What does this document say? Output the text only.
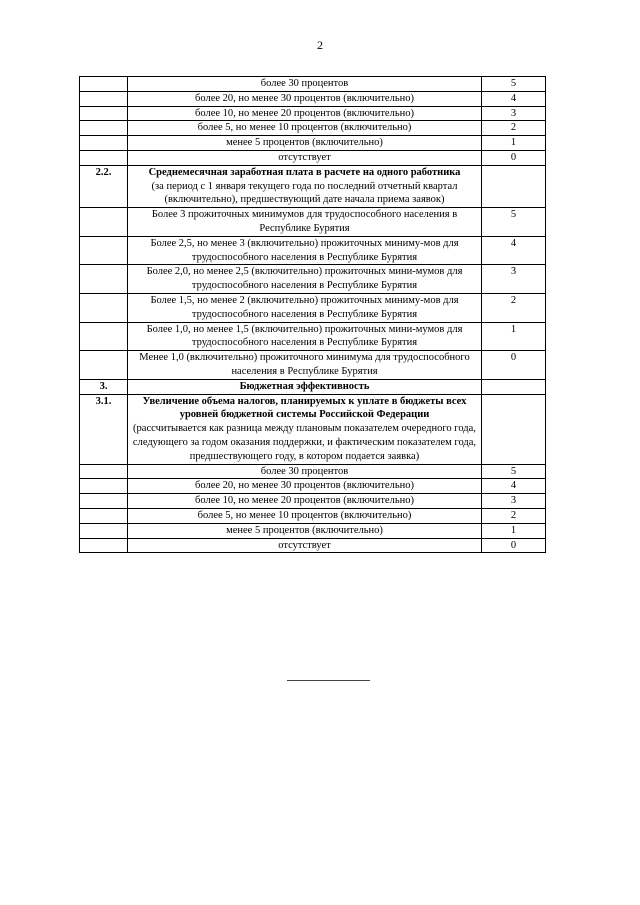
2

	более 30 процентов	5

	более 20, но менее 30 процентов (включительно)	4

	более 10, но менее 20 процентов (включительно)	3

	более 5, но менее 10 процентов (включительно)	2

	менее 5 процентов (включительно)	1

	отсутствует	0
2.2.	Среднемесячная заработная плата в расчете на одного работника
(за период с 1 января текущего года по последний отчетный квартал (включительно), предшествующий дате начала приема заявок)	

	Более 3 прожиточных минимумов для трудоспособного населения в Республике Бурятия	5

	Более 2,5, но менее 3 (включительно) прожиточных миниму-мов для трудоспособного населения в Республике Бурятия	4

	Более 2,0, но менее 2,5 (включительно) прожиточных мини-мумов для трудоспособного населения в Республике Бурятия	3

	Более 1,5, но менее 2 (включительно) прожиточных миниму-мов для трудоспособного населения в Республике Бурятия	2

	Более 1,0, но менее 1,5 (включительно) прожиточных мини-мумов для трудоспособного населения в Республике Бурятия	1

	Менее 1,0 (включительно) прожиточного минимума для трудоспособного населения в Республике Бурятия	0
3.	Бюджетная эффективность	

3.1.	Увеличение объема налогов, планируемых к уплате в бюджеты всех уровней бюджетной системы Российской Федерации
(рассчитывается как разница между плановым показателем очередного года, следующего за годом оказания поддержки, и фактическим показателем года, предшествующего году, в котором подается заявка)	

	более 30 процентов	5

	более 20, но менее 30 процентов (включительно)	4

	более 10, но менее 20 процентов (включительно)	3

	более 5, но менее 10 процентов (включительно)	2

	менее 5 процентов (включительно)	1

	отсутствует	0
